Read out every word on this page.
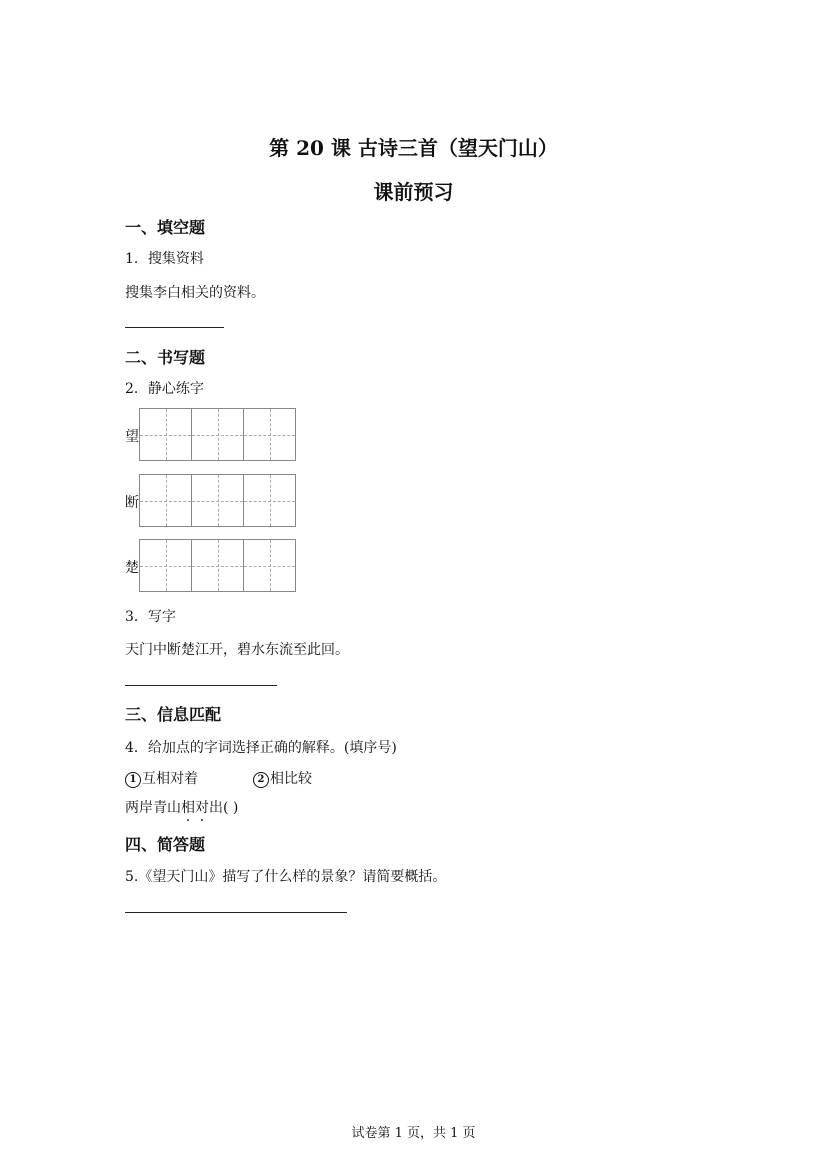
第 20 课 古诗三首（望天门山）
课前预习
一、填空题
1．搜集资料
搜集李白相关的资料。
二、书写题
2．静心练字
望
断
楚
3．写字
天门中断楚江开，碧水东流至此回。
三、信息匹配
4．给加点的字词选择正确的解释。(填序号)
1 互相对着	2 相比较
两岸青山相对出( )
四、简答题
5.《望天门山》描写了什么样的景象？请简要概括。
试卷第 1 页，共 1 页
